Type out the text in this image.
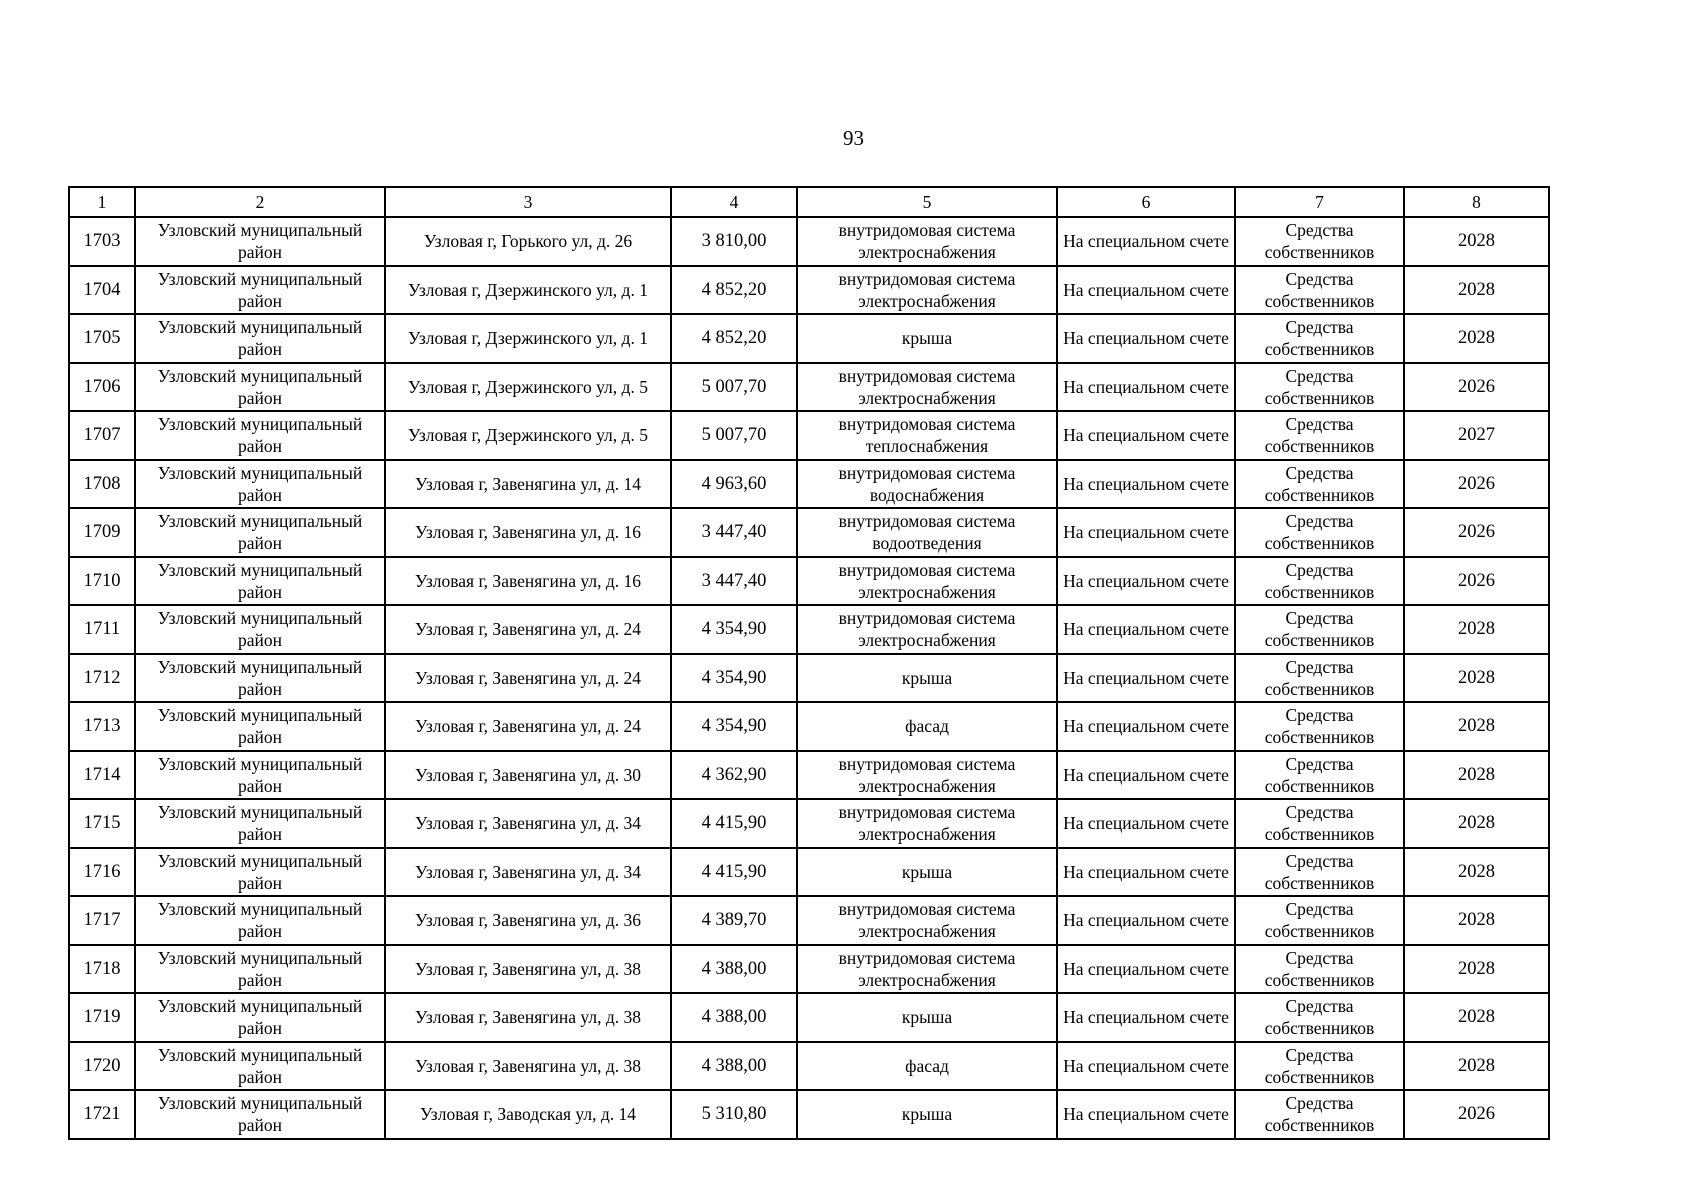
93
1	2	3	4	5	6	7	8
1703	Узловский муниципальный район	Узловая г, Горького ул, д. 26	3 810,00	внутридомовая система электроснабжения	На специальном счете	Средства собственников	2028
1704	Узловский муниципальный район	Узловая г, Дзержинского ул, д. 1	4 852,20	внутридомовая система электроснабжения	На специальном счете	Средства собственников	2028
1705	Узловский муниципальный район	Узловая г, Дзержинского ул, д. 1	4 852,20	крыша	На специальном счете	Средства собственников	2028
1706	Узловский муниципальный район	Узловая г, Дзержинского ул, д. 5	5 007,70	внутридомовая система электроснабжения	На специальном счете	Средства собственников	2026
1707	Узловский муниципальный район	Узловая г, Дзержинского ул, д. 5	5 007,70	внутридомовая система теплоснабжения	На специальном счете	Средства собственников	2027
1708	Узловский муниципальный район	Узловая г, Завенягина ул, д. 14	4 963,60	внутридомовая система водоснабжения	На специальном счете	Средства собственников	2026
1709	Узловский муниципальный район	Узловая г, Завенягина ул, д. 16	3 447,40	внутридомовая система водоотведения	На специальном счете	Средства собственников	2026
1710	Узловский муниципальный район	Узловая г, Завенягина ул, д. 16	3 447,40	внутридомовая система электроснабжения	На специальном счете	Средства собственников	2026
1711	Узловский муниципальный район	Узловая г, Завенягина ул, д. 24	4 354,90	внутридомовая система электроснабжения	На специальном счете	Средства собственников	2028
1712	Узловский муниципальный район	Узловая г, Завенягина ул, д. 24	4 354,90	крыша	На специальном счете	Средства собственников	2028
1713	Узловский муниципальный район	Узловая г, Завенягина ул, д. 24	4 354,90	фасад	На специальном счете	Средства собственников	2028
1714	Узловский муниципальный район	Узловая г, Завенягина ул, д. 30	4 362,90	внутридомовая система электроснабжения	На специальном счете	Средства собственников	2028
1715	Узловский муниципальный район	Узловая г, Завенягина ул, д. 34	4 415,90	внутридомовая система электроснабжения	На специальном счете	Средства собственников	2028
1716	Узловский муниципальный район	Узловая г, Завенягина ул, д. 34	4 415,90	крыша	На специальном счете	Средства собственников	2028
1717	Узловский муниципальный район	Узловая г, Завенягина ул, д. 36	4 389,70	внутридомовая система электроснабжения	На специальном счете	Средства собственников	2028
1718	Узловский муниципальный район	Узловая г, Завенягина ул, д. 38	4 388,00	внутридомовая система электроснабжения	На специальном счете	Средства собственников	2028
1719	Узловский муниципальный район	Узловая г, Завенягина ул, д. 38	4 388,00	крыша	На специальном счете	Средства собственников	2028
1720	Узловский муниципальный район	Узловая г, Завенягина ул, д. 38	4 388,00	фасад	На специальном счете	Средства собственников	2028
1721	Узловский муниципальный район	Узловая г, Заводская ул, д. 14	5 310,80	крыша	На специальном счете	Средства собственников	2026
